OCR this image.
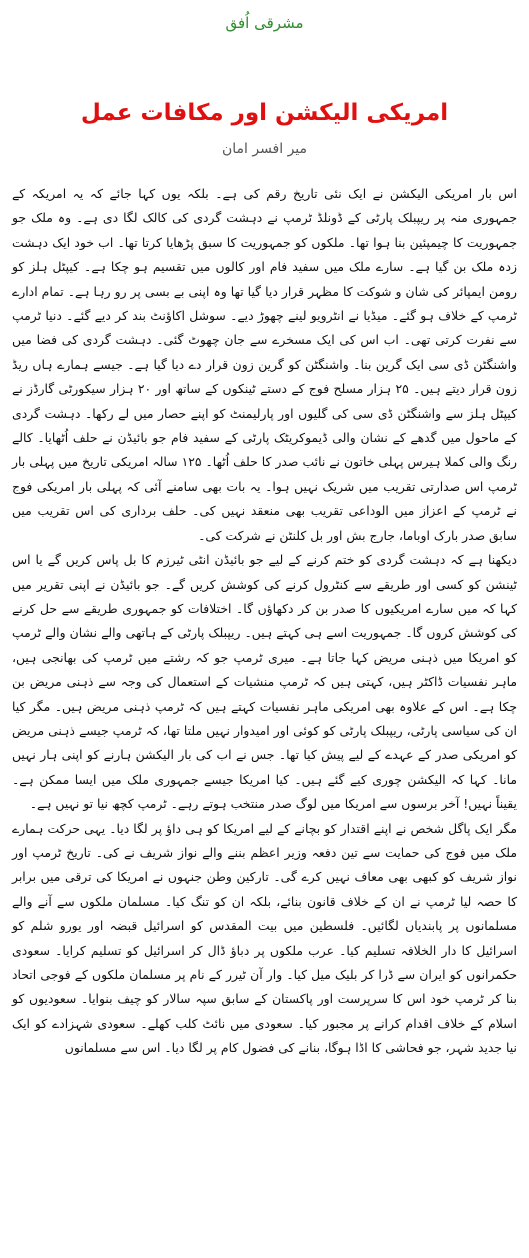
مشرقی اُفق
امریکی الیکشن اور مکافات عمل
میر افسر امان

اس بار امریکی الیکشن نے ایک نئی تاریخ رقم کی ہے۔ بلکہ یوں کہا جائے کہ یہ امریکہ کے جمہوری منہ پر ریپبلک پارٹی کے ڈونلڈ ٹرمپ نے دہشت گردی کی کالک لگا دی ہے۔ وہ ملک جو جمہوریت کا چیمپئین بنا ہوا تھا۔ ملکوں کو جمہوریت کا سبق پڑھایا کرتا تھا۔ اب خود ایک دہشت زدہ ملک بن گیا ہے۔ سارے ملک میں سفید فام اور کالوں میں تقسیم ہو چکا ہے۔ کیپٹل ہلز کو رومن ایمپائر کی شان و شوکت کا مظہر قرار دیا گیا تھا وہ اپنی بے بسی پر رو رہا ہے۔ تمام ادارے ٹرمپ کے خلاف ہو گئے۔ میڈیا نے انٹرویو لینے چھوڑ دیے۔ سوشل اکاؤنٹ بند کر دیے گئے۔ دنیا ٹرمپ سے نفرت کرتی تھی۔ اب اس کی ایک مسخرے سے جان چھوٹ گئی۔ دہشت گردی کی فضا میں واشنگٹن ڈی سی ایک گرین بنا۔ واشنگٹن کو گرین زون قرار دے دیا گیا ہے۔ جیسے ہمارے ہاں ریڈ زون قرار دیتے ہیں۔ ۲۵ ہزار مسلح فوج کے دستے ٹینکوں کے ساتھ اور ۲۰ ہزار سیکورٹی گارڈز نے کیپٹل ہلز سے واشنگٹن ڈی سی کی گلیوں اور پارلیمنٹ کو اپنے حصار میں لے رکھا۔ دہشت گردی کے ماحول میں گدھے کے نشان والی ڈیموکریٹک پارٹی کے سفید فام جو بائیڈن نے حلف اُٹھایا۔ کالے رنگ والی کملا ہیرس پہلی خاتون نے نائب صدر کا حلف اُٹھا۔ ۱۲۵ سالہ امریکی تاریخ میں پہلی بار ٹرمپ اس صدارتی تقریب میں شریک نہیں ہوا۔ یہ بات بھی سامنے آئی کہ پہلی بار امریکی فوج نے ٹرمپ کے اعزاز میں الوداعی تقریب بھی منعقد نہیں کی۔ حلف برداری کی اس تقریب میں سابق صدر بارک اوباما، جارج بش اور بل کلنٹن نے شرکت کی۔

دیکھنا ہے کہ دہشت گردی کو ختم کرنے کے لیے جو بائیڈن انٹی ٹیرزم کا بل پاس کریں گے یا اس ٹینشن کو کسی اور طریقے سے کنٹرول کرنے کی کوشش کریں گے۔ جو بائیڈن نے اپنی تقریر میں کہا کہ میں سارے امریکیوں کا صدر بن کر دکھاؤں گا۔ اختلافات کو جمہوری طریقے سے حل کرنے کی کوشش کروں گا۔ جمہوریت اسے ہی کہتے ہیں۔ ریپبلک پارٹی کے ہاتھی والے نشان والے ٹرمپ کو امریکا میں ذہنی مریض کہا جاتا ہے۔ میری ٹرمپ جو کہ رشتے میں ٹرمپ کی بھانجی ہیں، ماہر نفسیات ڈاکٹر ہیں، کہتی ہیں کہ ٹرمپ منشیات کے استعمال کی وجہ سے ذہنی مریض بن چکا ہے۔ اس کے علاوہ بھی امریکی ماہر نفسیات کہتے ہیں کہ ٹرمپ ذہنی مریض ہیں۔ مگر کیا ان کی سیاسی پارٹی، ریپبلک پارٹی کو کوئی اور امیدوار نہیں ملتا تھا، کہ ٹرمپ جیسے ذہنی مریض کو امریکی صدر کے عہدے کے لیے پیش کیا تھا۔ جس نے اب کی بار الیکشن ہارنے کو اپنی ہار نہیں مانا۔ کہا کہ الیکشن چوری کیے گئے ہیں۔ کیا امریکا جیسے جمہوری ملک میں ایسا ممکن ہے۔ یقیناً نہیں! آخر برسوں سے امریکا میں لوگ صدر منتخب ہوتے رہے۔ ٹرمپ کچھ نیا تو نہیں ہے۔

مگر ایک پاگل شخص نے اپنے اقتدار کو بچانے کے لیے امریکا کو ہی داؤ پر لگا دیا۔ یہی حرکت ہمارے ملک میں فوج کی حمایت سے تین دفعہ وزیر اعظم بننے والے نواز شریف نے کی۔ تاریخ ٹرمپ اور نواز شریف کو کبھی بھی معاف نہیں کرے گی۔ تارکین وطن جنہوں نے امریکا کی ترقی میں برابر کا حصہ لیا ٹرمپ نے ان کے خلاف قانون بنائے، بلکہ ان کو تنگ کیا۔ مسلمان ملکوں سے آنے والے مسلمانوں پر پابندیاں لگائیں۔ فلسطین میں بیت المقدس کو اسرائیل قبضہ اور یورو شلم کو اسرائیل کا دار الخلافہ تسلیم کیا۔ عرب ملکوں پر دباؤ ڈال کر اسرائیل کو تسلیم کرایا۔ سعودی حکمرانوں کو ایران سے ڈرا کر بلیک میل کیا۔ وار آن ٹیرر کے نام پر مسلمان ملکوں کے فوجی اتحاد بنا کر ٹرمپ خود اس کا سرپرست اور پاکستان کے سابق سپہ سالار کو چیف بنوایا۔ سعودیوں کو اسلام کے خلاف اقدام کرانے پر مجبور کیا۔ سعودی میں نائٹ کلب کھلے۔ سعودی شہزادے کو ایک نیا جدید شہر، جو فحاشی کا اڈا ہوگا، بنانے کی فضول کام پر لگا دیا۔ اس سے مسلمانوں
